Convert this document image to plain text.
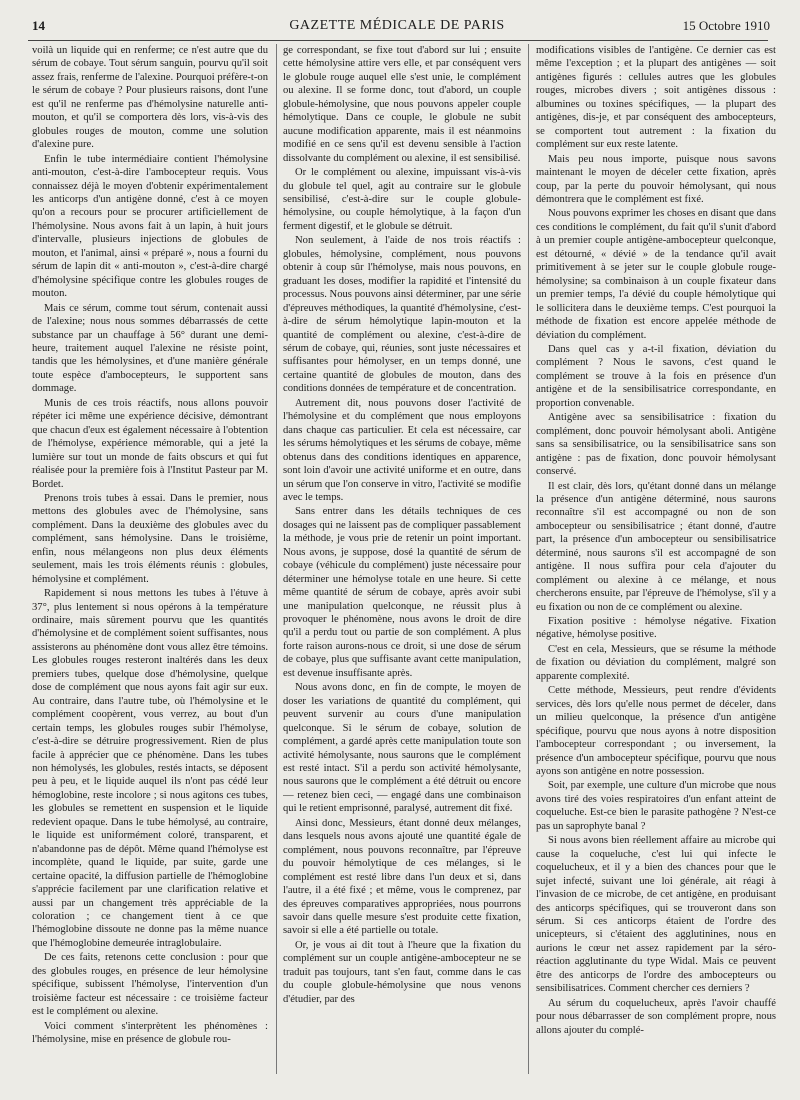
14	GAZETTE MÉDICALE DE PARIS	15 Octobre 1910

voilà un liquide qui en renferme; ce n'est autre que du sérum de cobaye. Tout sérum sanguin, pourvu qu'il soit assez frais, renferme de l'alexine. Pourquoi préfère-t-on le sérum de cobaye ? Pour plusieurs raisons, dont l'une est qu'il ne renferme pas d'hémolysine naturelle anti-mouton, et qu'il se comportera dès lors, vis-à-vis des globules rouges de mouton, comme une solution d'alexine pure.

Enfin le tube intermédiaire contient l'hémolysine anti-mouton, c'est-à-dire l'ambocepteur requis. Vous connaissez déjà le moyen d'obtenir expérimentalement les anticorps d'un antigène donné, c'est à ce moyen qu'on a recours pour se procurer artificiellement de l'hémolysine. Nous avons fait à un lapin, à huit jours d'intervalle, plusieurs injections de globules de mouton, et l'animal, ainsi « préparé », nous a fourni du sérum de lapin dit « anti-mouton », c'est-à-dire chargé d'hémolysine spécifique contre les globules rouges de mouton.

Mais ce sérum, comme tout sérum, contenait aussi de l'alexine; nous nous sommes débarrassés de cette substance par un chauffage à 56° durant une demi-heure, traitement auquel l'alexine ne résiste point, tandis que les hémolysines, et d'une manière générale toute espèce d'ambocepteurs, le supportent sans dommage.

Munis de ces trois réactifs, nous allons pouvoir répéter ici même une expérience décisive, démontrant que chacun d'eux est également nécessaire à l'obtention de l'hémolyse, expérience mémorable, qui a jeté la lumière sur tout un monde de faits obscurs et qui fut réalisée pour la première fois à l'Institut Pasteur par M. Bordet.

Prenons trois tubes à essai. Dans le premier, nous mettons des globules avec de l'hémolysine, sans complément. Dans la deuxième des globules avec du complément, sans hémolysine. Dans le troisième, enfin, nous mélangeons non plus deux éléments seulement, mais les trois éléments réunis : globules, hémolysine et complément.

Rapidement si nous mettons les tubes à l'étuve à 37°, plus lentement si nous opérons à la température ordinaire, mais sûrement pourvu que les quantités d'hémolysine et de complément soient suffisantes, nous assisterons au phénomène dont vous allez être témoins. Les globules rouges resteront inaltérés dans les deux premiers tubes, quelque dose d'hémolysine, quelque dose de complément que nous ayons fait agir sur eux. Au contraire, dans l'autre tube, où l'hémolysine et le complément coopèrent, vous verrez, au bout d'un certain temps, les globules rouges subir l'hémolyse, c'est-à-dire se détruire progressivement. Rien de plus facile à apprécier que ce phénomène. Dans les tubes non hémolysés, les globules, restés intacts, se déposent peu à peu, et le liquide auquel ils n'ont pas cédé leur hémoglobine, reste incolore ; si nous agitons ces tubes, les globules se remettent en suspension et le liquide redevient opaque. Dans le tube hémolysé, au contraire, le liquide est uniformément coloré, transparent, et n'abandonne pas de dépôt. Même quand l'hémolyse est incomplète, quand le liquide, par suite, garde une certaine opacité, la diffusion partielle de l'hémoglobine s'apprécie facilement par une clarification relative et aussi par un changement très appréciable de la coloration ; ce changement tient à ce que l'hémoglobine dissoute ne donne pas la même nuance que l'hémoglobine demeurée intraglobulaire.

De ces faits, retenons cette conclusion : pour que des globules rouges, en présence de leur hémolysine spécifique, subissent l'hémolyse, l'intervention d'un troisième facteur est nécessaire : ce troisième facteur est le complément ou alexine.

Voici comment s'interprètent les phénomènes : l'hémolysine, mise en présence de globule rou-

ge correspondant, se fixe tout d'abord sur lui ; ensuite cette hémolysine attire vers elle, et par conséquent vers le globule rouge auquel elle s'est unie, le complément ou alexine. Il se forme donc, tout d'abord, un couple globule-hémolysine, que nous pouvons appeler couple hémolytique. Dans ce couple, le globule ne subit aucune modification apparente, mais il est néanmoins modifié en ce sens qu'il est devenu sensible à l'action dissolvante du complément ou alexine, il est sensibilisé.

Or le complément ou alexine, impuissant vis-à-vis du globule tel quel, agit au contraire sur le globule sensibilisé, c'est-à-dire sur le couple globule-hémolysine, ou couple hémolytique, à la façon d'un ferment digestif, et le globule se détruit.

Non seulement, à l'aide de nos trois réactifs : globules, hémolysine, complément, nous pouvons obtenir à coup sûr l'hémolyse, mais nous pouvons, en graduant les doses, modifier la rapidité et l'intensité du processus. Nous pouvons ainsi déterminer, par une série d'épreuves méthodiques, la quantité d'hémolysine, c'est-à-dire de sérum hémolytique lapin-mouton et la quantité de complément ou alexine, c'est-à-dire de sérum de cobaye, qui, réunies, sont juste nécessaires et suffisantes pour hémolyser, en un temps donné, une certaine quantité de globules de mouton, dans des conditions données de température et de concentration.

Autrement dit, nous pouvons doser l'activité de l'hémolysine et du complément que nous employons dans chaque cas particulier. Et cela est nécessaire, car les sérums hémolytiques et les sérums de cobaye, même obtenus dans des conditions identiques en apparence, sont loin d'avoir une activité uniforme et en outre, dans un sérum que l'on conserve in vitro, l'activité se modifie avec le temps.

Sans entrer dans les détails techniques de ces dosages qui ne laissent pas de compliquer passablement la méthode, je vous prie de retenir un point important. Nous avons, je suppose, dosé la quantité de sérum de cobaye (véhicule du complément) juste nécessaire pour déterminer une hémolyse totale en une heure. Si cette même quantité de sérum de cobaye, après avoir subi une manipulation quelconque, ne réussit plus à provoquer le phénomène, nous avons le droit de dire qu'il a perdu tout ou partie de son complément. A plus forte raison aurons-nous ce droit, si une dose de sérum de cobaye, plus que suffisante avant cette manipulation, est devenue insuffisante après.

Nous avons donc, en fin de compte, le moyen de doser les variations de quantité du complément, qui peuvent survenir au cours d'une manipulation quelconque. Si le sérum de cobaye, solution de complément, a gardé après cette manipulation toute son activité hémolysante, nous saurons que le complément est resté intact. S'il a perdu son activité hémolysante, nous saurons que le complément a été détruit ou encore — retenez bien ceci, — engagé dans une combinaison qui le retient emprisonné, paralysé, autrement dit fixé.

Ainsi donc, Messieurs, étant donné deux mélanges, dans lesquels nous avons ajouté une quantité égale de complément, nous pouvons reconnaître, par l'épreuve du pouvoir hémolytique de ces mélanges, si le complément est resté libre dans l'un deux et si, dans l'autre, il a été fixé ; et même, vous le comprenez, par des épreuves comparatives appropriées, nous pourrons savoir dans quelle mesure s'est produite cette fixation, savoir si elle a été partielle ou totale.

Or, je vous ai dit tout à l'heure que la fixation du complément sur un couple antigène-ambocepteur ne se traduit pas toujours, tant s'en faut, comme dans le cas du couple globule-hémolysine que nous venons d'étudier, par des

modifications visibles de l'antigène. Ce dernier cas est même l'exception ; et la plupart des antigènes — soit antigènes figurés : cellules autres que les globules rouges, microbes divers ; soit antigènes dissous : albumines ou toxines spécifiques, — la plupart des antigènes, dis-je, et par conséquent des ambocepteurs, se comportent tout autrement : la fixation du complément sur eux reste latente.

Mais peu nous importe, puisque nous savons maintenant le moyen de déceler cette fixation, après coup, par la perte du pouvoir hémolysant, qui nous démontrera que le complément est fixé.

Nous pouvons exprimer les choses en disant que dans ces conditions le complément, du fait qu'il s'unit d'abord à un premier couple antigène-ambocepteur quelconque, est détourné, « dévié » de la tendance qu'il avait primitivement à se jeter sur le couple globule rouge-hémolysine; sa combinaison à un couple fixateur dans un premier temps, l'a dévié du couple hémolytique qui le sollicitera dans le deuxième temps. C'est pourquoi la méthode de fixation est encore appelée méthode de déviation du complément.

Dans quel cas y a-t-il fixation, déviation du complément ? Nous le savons, c'est quand le complément se trouve à la fois en présence d'un antigène et de la sensibilisatrice correspondante, en proportion convenable.

Antigène avec sa sensibilisatrice : fixation du complément, donc pouvoir hémolysant aboli. Antigène sans sa sensibilisatrice, ou la sensibilisatrice sans son antigène : pas de fixation, donc pouvoir hémolysant conservé.

Il est clair, dès lors, qu'étant donné dans un mélange la présence d'un antigène déterminé, nous saurons reconnaître s'il est accompagné ou non de son ambocepteur ou sensibilisatrice ; étant donné, d'autre part, la présence d'un ambocepteur ou sensibilisatrice déterminé, nous saurons s'il est accompagné de son antigène. Il nous suffira pour cela d'ajouter du complément ou alexine à ce mélange, et nous chercherons ensuite, par l'épreuve de l'hémolyse, s'il y a eu fixation ou non de ce complément ou alexine.

Fixation positive : hémolyse négative. Fixation négative, hémolyse positive.

C'est en cela, Messieurs, que se résume la méthode de fixation ou déviation du complément, malgré son apparente complexité.

Cette méthode, Messieurs, peut rendre d'évidents services, dès lors qu'elle nous permet de déceler, dans un milieu quelconque, la présence d'un antigène spécifique, pourvu que nous ayons à notre disposition l'ambocepteur correspondant ; ou inversement, la présence d'un ambocepteur spécifique, pourvu que nous ayons son antigène en notre possession.

Soit, par exemple, une culture d'un microbe que nous avons tiré des voies respiratoires d'un enfant atteint de coqueluche. Est-ce bien le parasite pathogène ? N'est-ce pas un saprophyte banal ?

Si nous avons bien réellement affaire au microbe qui cause la coqueluche, c'est lui qui infecte le coquelucheux, et il y a bien des chances pour que le sujet infecté, suivant une loi générale, ait réagi à l'invasion de ce microbe, de cet antigène, en produisant des anticorps spécifiques, qui se trouveront dans son sérum. Si ces anticorps étaient de l'ordre des unicepteurs, si c'étaient des agglutinines, nous en aurions le cœur net assez rapidement par la séro-réaction agglutinante du type Widal. Mais ce peuvent être des anticorps de l'ordre des ambocepteurs ou sensibilisatrices. Comment chercher ces derniers ?

Au sérum du coquelucheux, après l'avoir chauffé pour nous débarrasser de son complément propre, nous allons ajouter du complé-
